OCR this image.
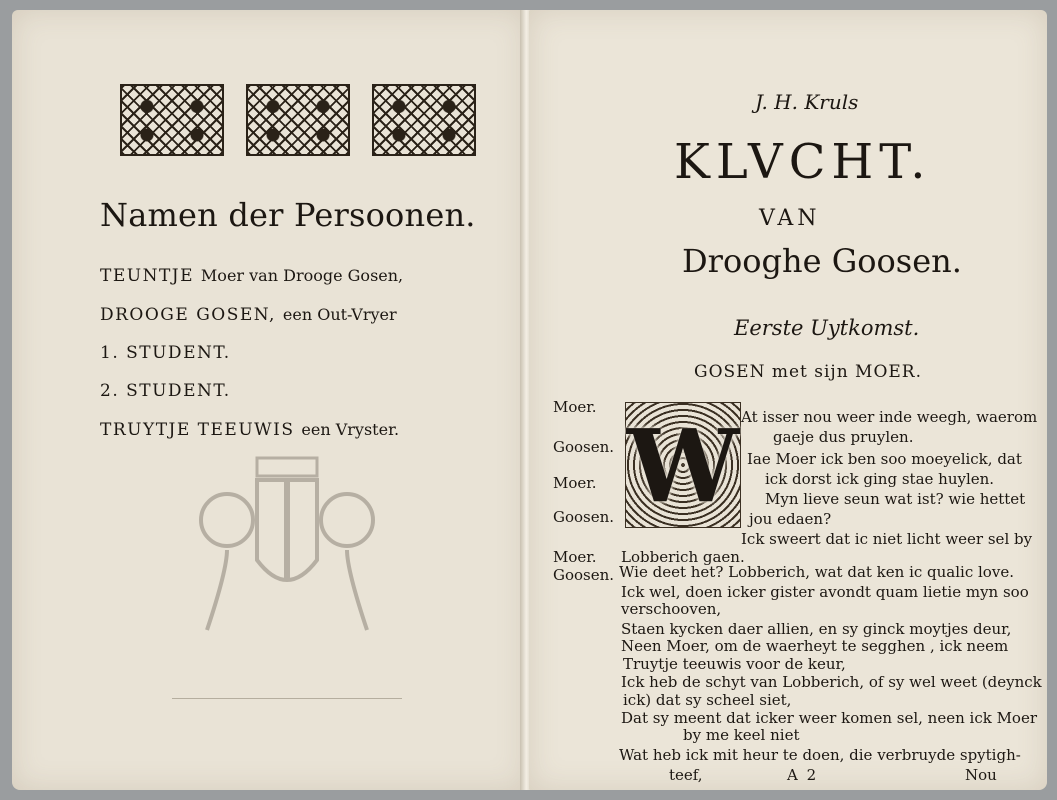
Namen der Persoonen.
TEUNTJE Moer van Drooge Gosen,
DROOGE GOSEN, een Out-Vryer
1. STUDENT.
2. STUDENT.
TRUYTJE TEEUWIS een Vryster.
J. H. Kruls
KLVCHT.
VAN
Drooghe Goosen.
Eerste Uytkomst.
GOSEN met sijn MOER.
W
Moer.
Goosen.
Moer.
Goosen.
Moer.
Goosen.
At isser nou weer inde weegh, waerom
gaeje dus pruylen.
Iae Moer ick ben soo moeyelick, dat
ick dorst ick ging stae huylen.
Myn lieve seun wat ist? wie hettet
jou edaen?
Ick sweert dat ic niet licht weer sel by
Lobberich gaen.
Wie deet het? Lobberich, wat dat ken ic qualic love.
Ick wel, doen icker gister avondt quam lietie myn soo
verschooven,
Staen kycken daer allien, en sy ginck moytjes deur,
Neen Moer, om de waerheyt te segghen , ick neem
Truytje teeuwis voor de keur,
Ick heb de schyt van Lobberich, of sy wel weet (deynck
ick) dat sy scheel siet,
Dat sy meent dat icker weer komen sel, neen ick Moer
by me keel niet
Wat heb ick mit heur te doen, die verbruyde spytigh-
teef,	A 2	Nou
